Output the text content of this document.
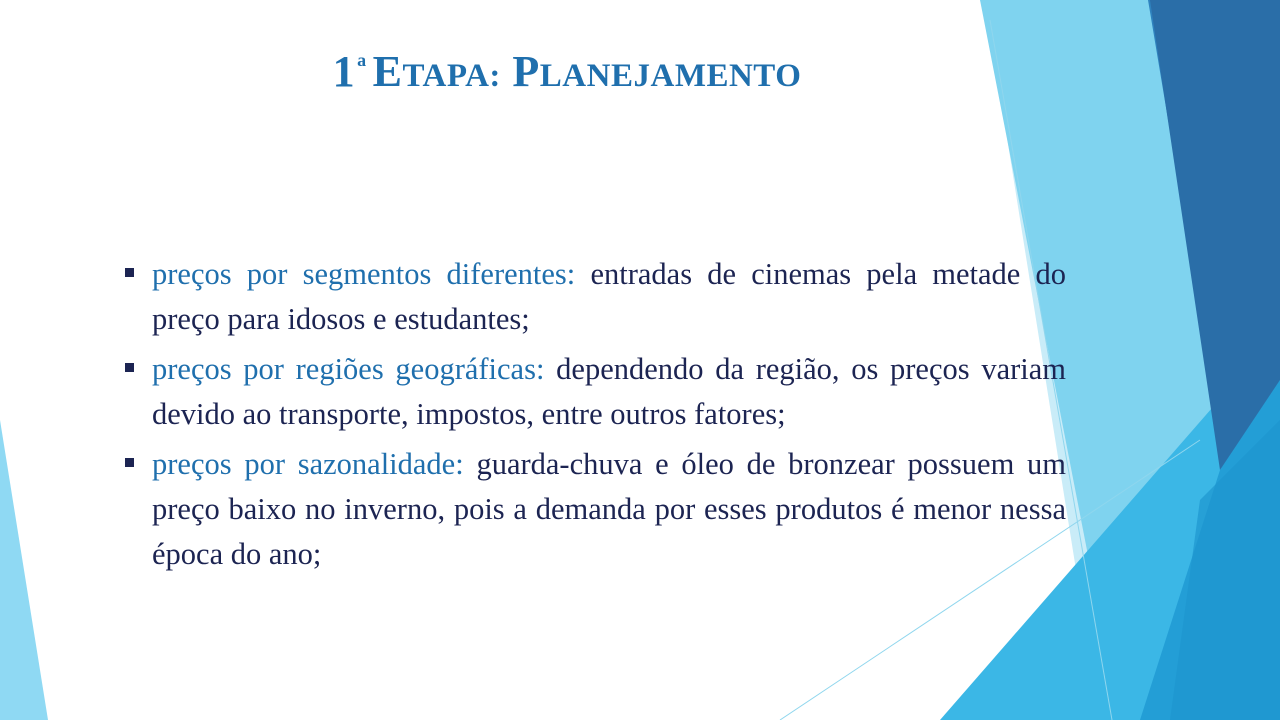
1 $^a$ ETAPA: PLANEJAMENTO
preços por segmentos diferentes: entradas de cinemas pela metade do preço para idosos e estudantes;
preços por regiões geográficas: dependendo da região, os preços variam devido ao transporte, impostos, entre outros fatores;
preços por sazonalidade: guarda-chuva e óleo de bronzear possuem um preço baixo no inverno, pois a demanda por esses produtos é menor nessa época do ano;
